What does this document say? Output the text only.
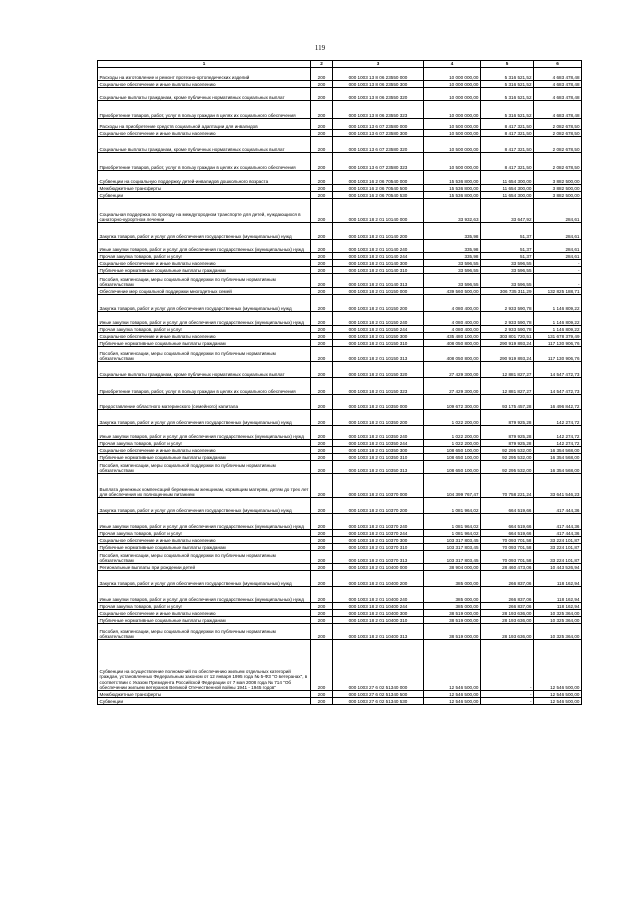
119
1	2	3	4	5	6
Расходы на изготовление и ремонт протезно-ортопедических изделий	200	000 1003 13 8 06 23550 000	10 000 000,00	5 316 521,52	4 683 478,48
Социальное обеспечение и иные выплаты населению	200	000 1003 13 8 06 23550 300	10 000 000,00	5 316 521,52	4 683 478,48
Социальные выплаты гражданам, кроме публичных нормативных социальных выплат	200	000 1003 13 8 06 23550 320	10 000 000,00	5 316 521,52	4 683 478,48
Приобретение товаров, работ, услуг в пользу граждан в целях их социального обеспечения	200	000 1003 13 8 06 23550 323	10 000 000,00	5 316 521,52	4 683 478,48
Расходы на приобретение средств социальной адаптации для инвалидов	200	000 1003 13 6 07 23580 000	10 500 000,00	8 417 321,50	2 082 678,50
Социальное обеспечение и иные выплаты населению	200	000 1003 13 6 07 23580 300	10 500 000,00	8 417 321,50	2 082 678,50
Социальные выплаты гражданам, кроме публичных нормативных социальных выплат	200	000 1003 13 6 07 23580 320	10 500 000,00	8 417 321,50	2 082 678,50
Приобретение товаров, работ, услуг в пользу граждан в целях их социального обеспечения	200	000 1003 13 6 07 23580 323	10 500 000,00	8 417 321,50	2 082 678,50
Субвенции на социальную поддержку детей-инвалидов дошкольного возраста	200	000 1003 16 2 06 70540 000	15 536 800,00	11 654 300,00	3 882 500,00
Межбюджетные трансферты	200	000 1003 16 2 06 70540 500	15 536 800,00	11 654 300,00	3 882 500,00
Субвенции	200	000 1003 16 2 06 70540 530	15 536 800,00	11 654 300,00	3 882 500,00
Социальная поддержка по проезду на междугородном транспорте для детей, нуждающихся в санаторно-курортном лечении	200	000 1003 18 2 01 10140 000	33 932,63	33 647,92	284,61
Закупка товаров, работ и услуг для обеспечения государственных (муниципальных) нужд	200	000 1003 18 2 01 10140 200	335,98	51,37	284,61
Иные закупки товаров, работ и услуг для обеспечения государственных (муниципальных) нужд	200	000 1003 18 2 01 10140 240	335,98	51,37	284,61
Прочая закупка товаров, работ и услуг	200	000 1003 18 2 01 10140 244	335,98	51,37	284,61
Социальное обеспечение и иные выплаты населению	200	000 1003 18 2 01 10140 300	33 596,55	33 596,55	-
Публичные нормативные социальные выплаты гражданам	200	000 1003 18 2 01 10140 310	33 596,55	33 596,55	-
Пособия, компенсации, меры социальной поддержки по публичным нормативным обязательствам	200	000 1003 18 2 01 10140 313	33 596,55	33 596,55	-
Обеспечение мер социальной поддержки многодетных семей	200	000 1003 18 2 01 10150 000	439 560 500,00	306 735 311,29	132 825 188,71
Закупка товаров, работ и услуг для обеспечения государственных (муниципальных) нужд	200	000 1003 18 2 01 10150 200	4 080 400,00	2 933 590,78	1 146 809,22
Иные закупки товаров, работ и услуг для обеспечения государственных (муниципальных) нужд	200	000 1003 18 2 01 10150 240	4 080 400,00	2 933 590,78	1 146 809,22
Прочая закупка товаров, работ и услуг	200	000 1003 18 2 01 10150 244	4 080 400,00	2 933 590,78	1 146 809,22
Социальное обеспечение и иные выплаты населению	200	000 1003 18 2 01 10150 300	435 480 100,00	303 801 720,51	131 678 379,49
Публичные нормативные социальные выплаты гражданам	200	000 1003 18 2 01 10150 310	408 050 800,00	290 919 893,24	117 130 906,76
Пособия, компенсации, меры социальной поддержки по публичным нормативным обязательствам	200	000 1003 18 2 01 10150 313	408 050 800,00	290 919 893,24	117 130 906,76
Социальные выплаты гражданам, кроме публичных нормативных социальных выплат	200	000 1003 18 2 01 10150 320	27 429 300,00	12 881 827,27	14 547 472,73
Приобретение товаров, работ, услуг в пользу граждан в целях их социального обеспечения	200	000 1003 18 2 01 10150 323	27 429 300,00	12 881 827,27	14 547 472,73
Предоставление областного материнского (семейного) капитала	200	000 1003 18 2 01 10350 000	109 672 300,00	93 175 457,28	16 496 842,72
Закупка товаров, работ и услуг для обеспечения государственных (муниципальных) нужд	200	000 1003 18 2 01 10350 200	1 022 200,00	879 925,28	142 274,72
Иные закупки товаров, работ и услуг для обеспечения государственных (муниципальных) нужд	200	000 1003 18 2 01 10350 240	1 022 200,00	879 925,28	142 274,72
Прочая закупка товаров, работ и услуг	200	000 1003 18 2 01 10350 244	1 022 200,00	879 925,28	142 274,72
Социальное обеспечение и иные выплаты населению	200	000 1003 18 2 01 10350 300	108 650 100,00	92 295 532,00	16 354 568,00
Публичные нормативные социальные выплаты гражданам	200	000 1003 18 2 01 10350 310	108 650 100,00	92 295 532,00	16 354 568,00
Пособия, компенсации, меры социальной поддержки по публичным нормативным обязательствам	200	000 1003 18 2 01 10350 313	108 650 100,00	92 295 532,00	16 354 568,00
Выплата денежных компенсаций беременным женщинам, кормящим матерям, детям до трех лет для обеспечения их полноценным питанием	200	000 1003 18 2 01 10370 000	104 399 767,47	70 758 221,24	33 641 546,23
Закупка товаров, работ и услуг для обеспечения государственных (муниципальных) нужд	200	000 1003 18 2 01 10370 200	1 081 964,02	664 519,66	417 444,36
Иные закупки товаров, работ и услуг для обеспечения государственных (муниципальных) нужд	200	000 1003 18 2 01 10370 240	1 081 964,02	664 519,66	417 444,36
Прочая закупка товаров, работ и услуг	200	000 1003 18 2 01 10370 244	1 081 964,02	664 519,66	417 444,36
Социальное обеспечение и иные выплаты населению	200	000 1003 18 2 01 10370 300	103 317 803,45	70 093 701,58	33 224 101,87
Публичные нормативные социальные выплаты гражданам	200	000 1003 18 2 01 10370 310	103 317 803,45	70 093 701,58	33 224 101,87
Пособия, компенсации, меры социальной поддержки по публичным нормативным обязательствам	200	000 1003 18 2 01 10370 313	103 317 803,45	70 093 701,58	33 224 101,87
Региональные выплаты при рождении детей	200	000 1003 18 2 01 10400 000	38 904 000,00	28 460 473,06	10 443 526,94
Закупка товаров, работ и услуг для обеспечения государственных (муниципальных) нужд	200	000 1003 18 2 01 10400 200	385 000,00	266 837,06	118 162,94
Иные закупки товаров, работ и услуг для обеспечения государственных (муниципальных) нужд	200	000 1003 18 2 01 10400 240	385 000,00	266 837,06	118 162,94
Прочая закупка товаров, работ и услуг	200	000 1003 18 2 01 10400 244	385 000,00	266 837,06	118 162,94
Социальное обеспечение и иные выплаты населению	200	000 1003 18 2 01 10400 300	38 519 000,00	28 193 636,00	10 325 364,00
Публичные нормативные социальные выплаты гражданам	200	000 1003 18 2 01 10400 310	38 519 000,00	28 193 636,00	10 325 364,00
Пособия, компенсации, меры социальной поддержки по публичным нормативным обязательствам	200	000 1003 18 2 01 10400 313	38 519 000,00	28 193 636,00	10 325 364,00
Субвенции на осуществление полномочий по обеспечению жильем отдельных категорий граждан, установленных Федеральным законом от 12 января 1995 года № 5-ФЗ "О ветеранах", в соответствии с Указом Президента Российской Федерации от 7 мая 2008 года № 714 "Об обеспечении жильем ветеранов Великой Отечественной войны 1941 - 1945 годов"	200	000 1003 27 6 02 51340 000	12 546 500,00	-	12 546 500,00
Межбюджетные трансферты	200	000 1003 27 6 02 51340 500	12 546 500,00	-	12 546 500,00
Субвенции	200	000 1003 27 6 02 51340 530	12 546 500,00	-	12 546 500,00
